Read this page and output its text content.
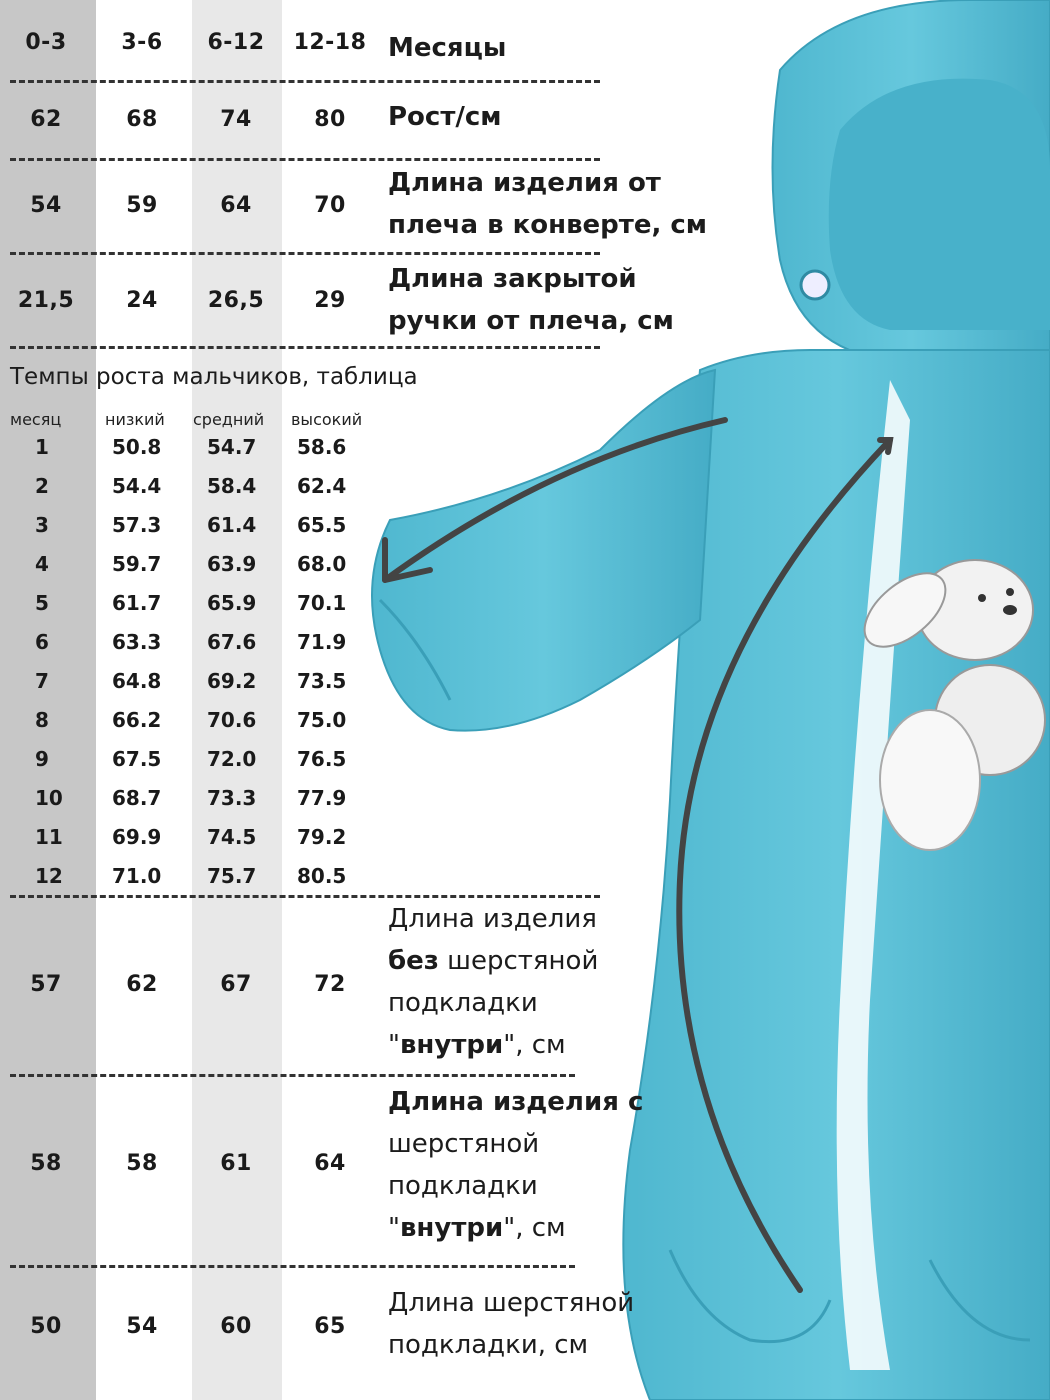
0-3	3-6	6-12	12-18 Месяцы
62	68	74	80	Рост/см
54	59	64	70
Длина изделия от
плеча в конверте, см
21,5	24	26,5	29
Длина закрытой
ручки от плеча, см
Темпы роста мальчиков, таблица
месяц	низкий средний высокий
1	50.8 54.7 58.6
2	54.4 58.4 62.4
3	57.3 61.4 65.5
4	59.7 63.9 68.0
5	61.7 65.9 70.1
6	63.3 67.6 71.9
7	64.8 69.2 73.5
8	66.2 70.6 75.0
9	67.5 72.0 76.5
10 68.7 73.3 77.9
11 69.9 74.5 79.2
12 71.0 75.7 80.5
57	62	67	72
Длина изделия
без шерстяной
подкладки
"внутри", см
58	58	61	64
Длина изделия с
шерстяной
подкладки
"внутри", см
50	54	60	65
Длина шерстяной
подкладки, см
